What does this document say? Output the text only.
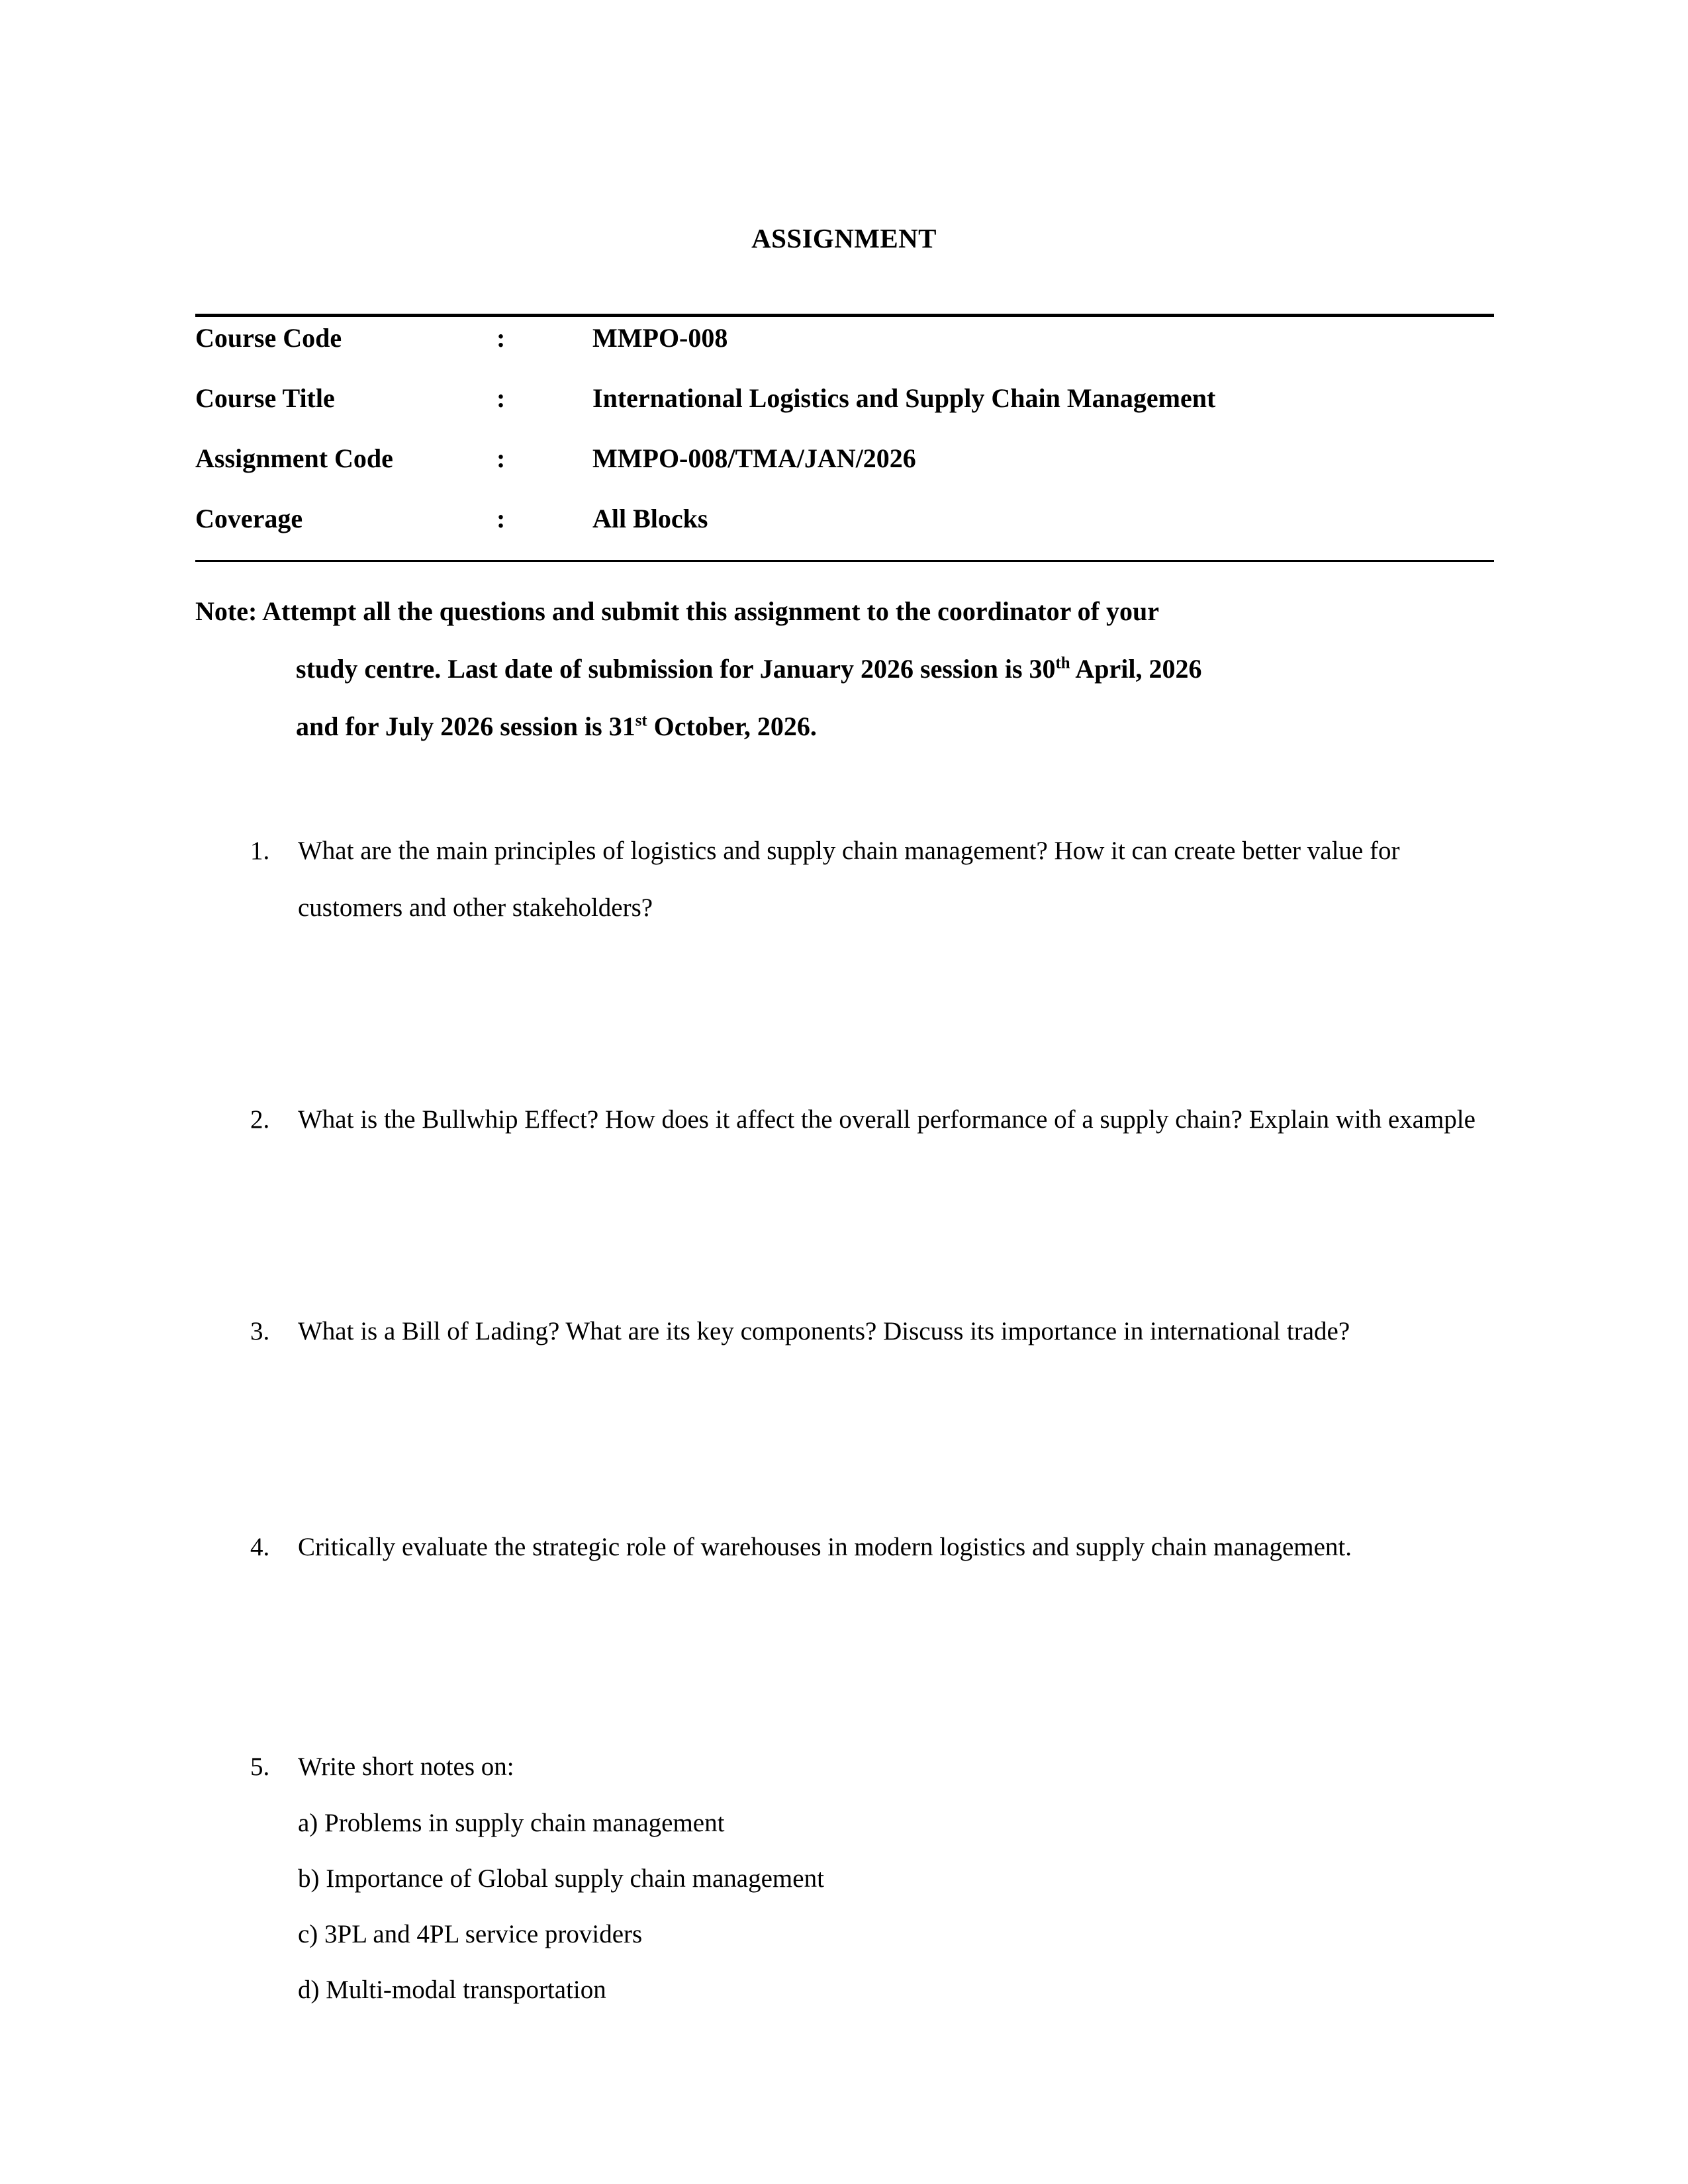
ASSIGNMENT
Course Code	:	MMPO-008
Course Title	:	International Logistics and Supply Chain Management
Assignment Code	:	MMPO-008/TMA/JAN/2026
Coverage	:	All Blocks
Note: Attempt all the questions and submit this assignment to the coordinator of your
study centre. Last date of submission for January 2026 session is 30th April, 2026
and for July 2026 session is 31st October, 2026.
1.	What are the main principles of logistics and supply chain management? How it can create better value for customers and other stakeholders?
2.	What is the Bullwhip Effect? How does it affect the overall performance of a supply chain? Explain with example
3.	What is a Bill of Lading? What are its key components? Discuss its importance in international trade?
4.	Critically evaluate the strategic role of warehouses in modern logistics and supply chain management.
5.	Write short notes on:
a) Problems in supply chain management
b) Importance of Global supply chain management
c) 3PL and 4PL service providers
d) Multi-modal transportation
